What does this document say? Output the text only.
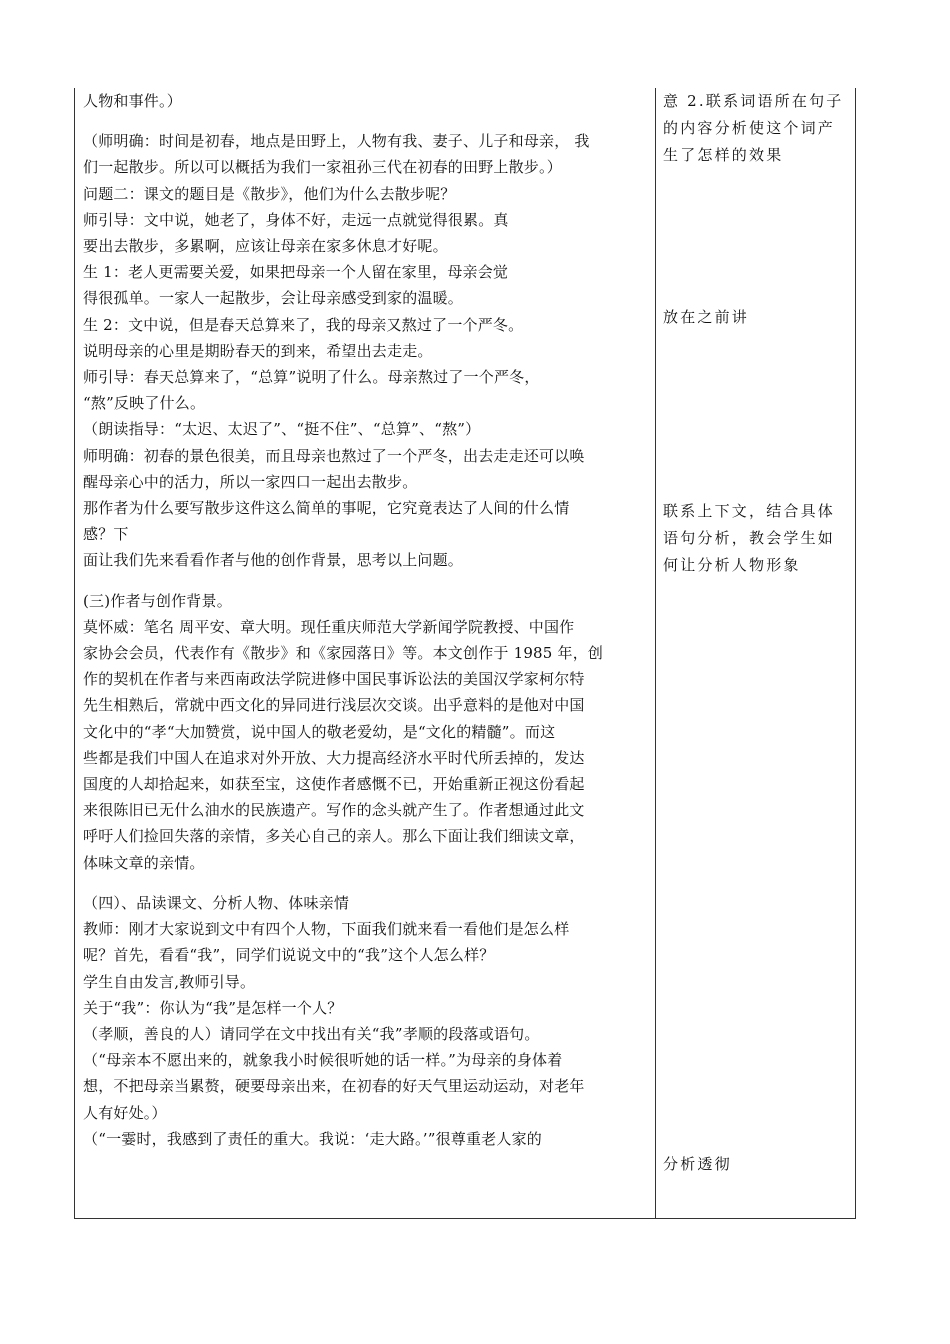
人物和事件。）
（师明确：时间是初春，地点是田野上，人物有我、妻子、儿子和母亲， 我
们一起散步。所以可以概括为我们一家祖孙三代在初春的田野上散步。）
问题二：课文的题目是《散步》，他们为什么去散步呢？
师引导：文中说，她老了，身体不好，走远一点就觉得很累。真
要出去散步，多累啊，应该让母亲在家多休息才好呢。
生 1：老人更需要关爱，如果把母亲一个人留在家里，母亲会觉
得很孤单。一家人一起散步，会让母亲感受到家的温暖。
生 2：文中说，但是春天总算来了，我的母亲又熬过了一个严冬。
说明母亲的心里是期盼春天的到来，希望出去走走。
师引导：春天总算来了，“总算”说明了什么。母亲熬过了一个严冬，
“熬”反映了什么。
（朗读指导：“太迟、太迟了”、“挺不住”、“总算”、“熬”）
师明确：初春的景色很美，而且母亲也熬过了一个严冬，出去走走还可以唤
醒母亲心中的活力，所以一家四口一起出去散步。
那作者为什么要写散步这件这么简单的事呢，它究竟表达了人间的什么情
感？下
面让我们先来看看作者与他的创作背景，思考以上问题。
(三)作者与创作背景。
莫怀威：笔名 周平安、章大明。现任重庆师范大学新闻学院教授、中国作
家协会会员，代表作有《散步》和《家园落日》等。本文创作于 1985 年，创
作的契机在作者与来西南政法学院进修中国民事诉讼法的美国汉学家柯尔特
先生相熟后，常就中西文化的异同进行浅层次交谈。出乎意料的是他对中国
文化中的“孝“大加赞赏，说中国人的敬老爱幼，是“文化的精髓”。而这
些都是我们中国人在追求对外开放、大力提高经济水平时代所丢掉的，发达
国度的人却拾起来，如获至宝，这使作者感慨不已，开始重新正视这份看起
来很陈旧已无什么油水的民族遗产。写作的念头就产生了。作者想通过此文
呼吁人们捡回失落的亲情，多关心自己的亲人。那么下面让我们细读文章，
体味文章的亲情。
（四）、品读课文、分析人物、体味亲情
教师：刚才大家说到文中有四个人物，下面我们就来看一看他们是怎么样
呢？首先，看看“我”，同学们说说文中的“我”这个人怎么样？
学生自由发言,教师引导。
关于“我”：你认为“我”是怎样一个人？
（孝顺，善良的人）请同学在文中找出有关“我”孝顺的段落或语句。
（“母亲本不愿出来的，就象我小时候很听她的话一样。”为母亲的身体着
想，不把母亲当累赘，硬要母亲出来，在初春的好天气里运动运动，对老年
人有好处。）
（“一霎时，我感到了责任的重大。我说：‘走大路。’”很尊重老人家的
意 2.联系词语所在句子的内容分析使这个词产生了怎样的效果
放在之前讲
联系上下文，结合具体语句分析，教会学生如何让分析人物形象
分析透彻
